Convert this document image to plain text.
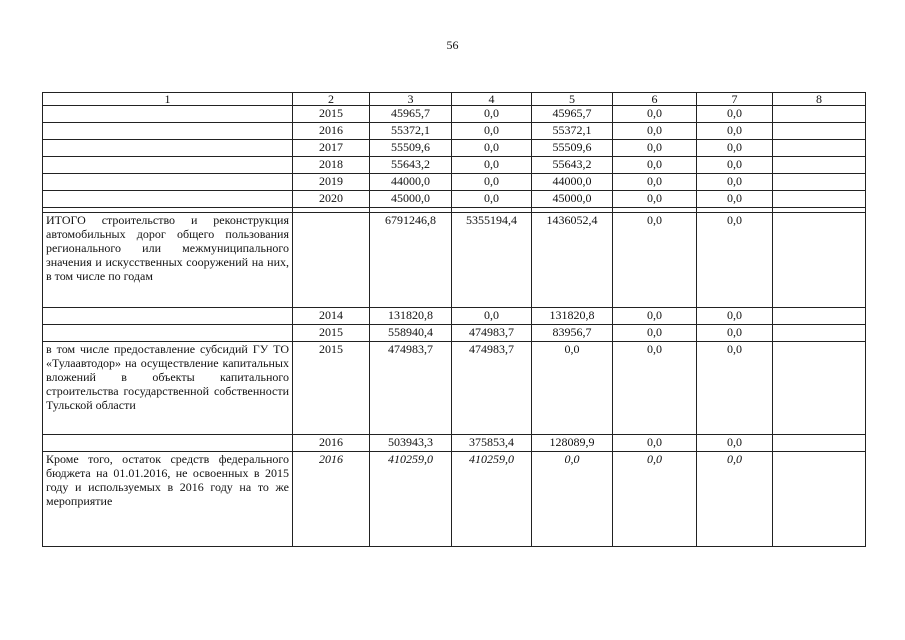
56
1	2	3	4	5	6	7	8
	2015	45965,7	0,0	45965,7	0,0	0,0	
	2016	55372,1	0,0	55372,1	0,0	0,0	
	2017	55509,6	0,0	55509,6	0,0	0,0	
	2018	55643,2	0,0	55643,2	0,0	0,0	
	2019	44000,0	0,0	44000,0	0,0	0,0	
	2020	45000,0	0,0	45000,0	0,0	0,0	

ИТОГО строительство и реконструкция автомобильных дорог общего пользования регионального или межмуниципального значения и искусственных сооружений на них, в том числе по годам		6791246,8	5355194,4	1436052,4	0,0	0,0	
	2014	131820,8	0,0	131820,8	0,0	0,0	
	2015	558940,4	474983,7	83956,7	0,0	0,0	

в том числе предоставление субсидий ГУ ТО «Тулаавтодор» на осуществление капитальных вложений в объекты капитального строительства государственной собственности Тульской области	2015	474983,7	474983,7	0,0	0,0	0,0	
	2016	503943,3	375853,4	128089,9	0,0	0,0	

Кроме того, остаток средств федерального бюджета на 01.01.2016, не освоенных в 2015 году и используемых в 2016 году на то же мероприятие	2016	410259,0	410259,0	0,0	0,0	0,0	
